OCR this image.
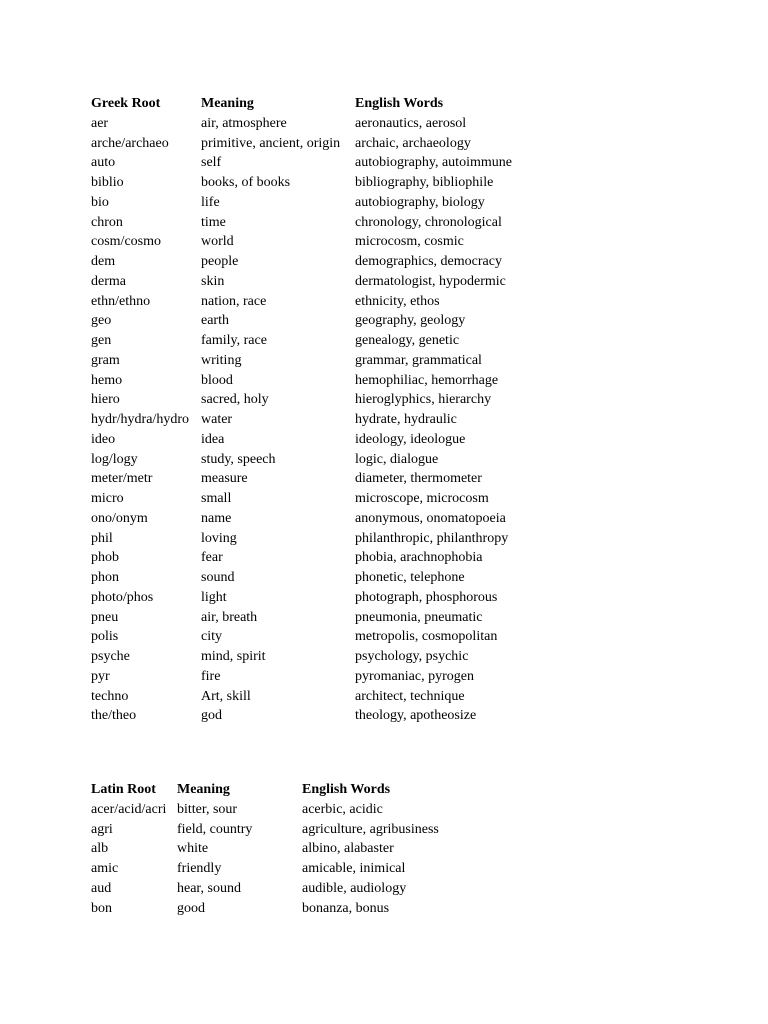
Greek Root	Meaning	English Words
aer	air, atmosphere	aeronautics, aerosol
arche/archaeo	primitive, ancient, origin	archaic, archaeology
auto	self	autobiography, autoimmune
biblio	books, of books	bibliography, bibliophile
bio	life	autobiography, biology
chron	time	chronology, chronological
cosm/cosmo	world	microcosm, cosmic
dem	people	demographics, democracy
derma	skin	dermatologist, hypodermic
ethn/ethno	nation, race	ethnicity, ethos
geo	earth	geography, geology
gen	family, race	genealogy, genetic
gram	writing	grammar, grammatical
hemo	blood	hemophiliac, hemorrhage
hiero	sacred, holy	hieroglyphics, hierarchy
hydr/hydra/hydro	water	hydrate, hydraulic
ideo	idea	ideology, ideologue
log/logy	study, speech	logic, dialogue
meter/metr	measure	diameter, thermometer
micro	small	microscope, microcosm
ono/onym	name	anonymous, onomatopoeia
phil	loving	philanthropic, philanthropy
phob	fear	phobia, arachnophobia
phon	sound	phonetic, telephone
photo/phos	light	photograph, phosphorous
pneu	air, breath	pneumonia, pneumatic
polis	city	metropolis, cosmopolitan
psyche	mind, spirit	psychology, psychic
pyr	fire	pyromaniac, pyrogen
techno	Art, skill	architect, technique
the/theo	god	theology, apotheosize
Latin Root	Meaning	English Words
acer/acid/acri	bitter, sour	acerbic, acidic
agri	field, country	agriculture, agribusiness
alb	white	albino, alabaster
amic	friendly	amicable, inimical
aud	hear, sound	audible, audiology
bon	good	bonanza, bonus
